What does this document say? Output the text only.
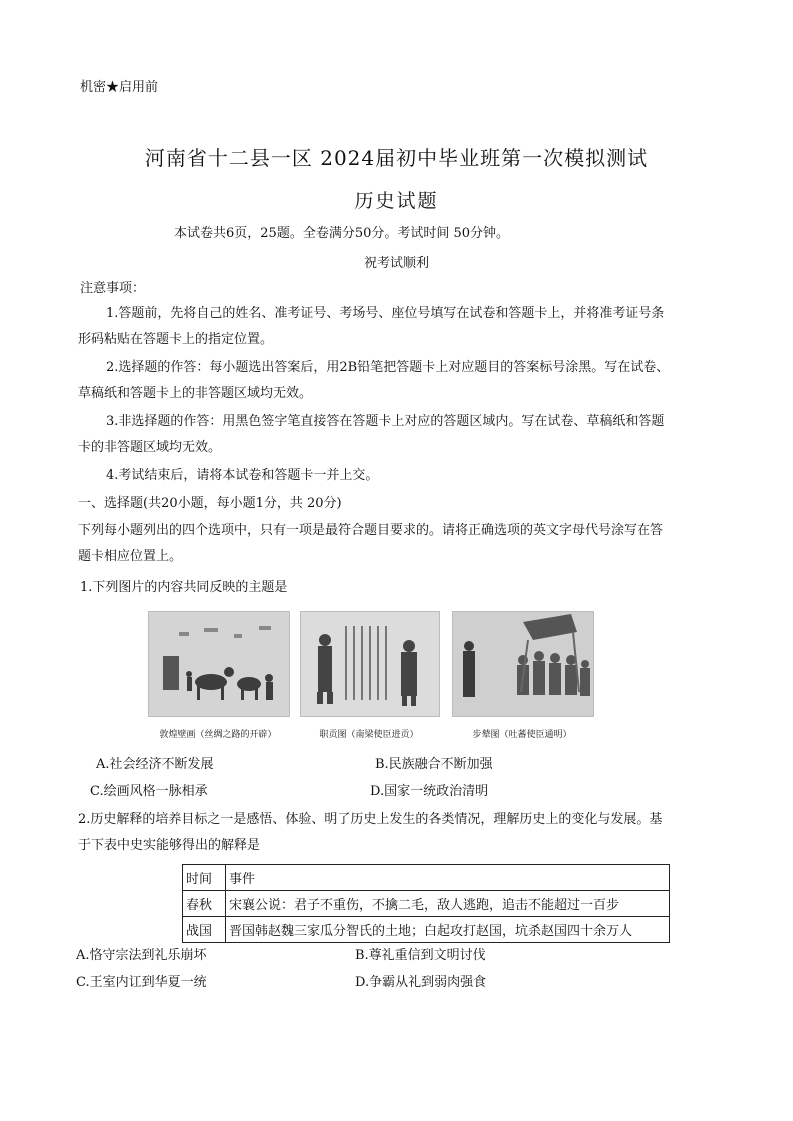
机密★启用前
河南省十二县一区 2024届初中毕业班第一次模拟测试
历史试题
本试卷共6页，25题。全卷满分50分。考试时间 50分钟。
祝考试顺利
注意事项：
1.答题前，先将自己的姓名、准考证号、考场号、座位号填写在试卷和答题卡上，并将准考证号条
形码粘贴在答题卡上的指定位置。
2.选择题的作答：每小题选出答案后，用2B铅笔把答题卡上对应题目的答案标号涂黑。写在试卷、
草稿纸和答题卡上的非答题区域均无效。
3.非选择题的作答：用黑色签字笔直接答在答题卡上对应的答题区域内。写在试卷、草稿纸和答题
卡的非答题区域均无效。
4.考试结束后，请将本试卷和答题卡一并上交。
一、选择题(共20小题，每小题1分，共 20分)
下列每小题列出的四个选项中，只有一项是最符合题目要求的。请将正确选项的英文字母代号涂写在答
题卡相应位置上。
1.下列图片的内容共同反映的主题是
敦煌壁画（丝绸之路的开辟）	职贡图（南梁使臣进贡）	步辇图（吐蕃使臣通明）
A.社会经济不断发展	B.民族融合不断加强
C.绘画风格一脉相承	D.国家一统政治清明
2.历史解释的培养目标之一是感悟、体验、明了历史上发生的各类情况，理解历史上的变化与发展。基
于下表中史实能够得出的解释是
时间	事件
春秋	宋襄公说：君子不重伤，不擒二毛，敌人逃跑，追击不能超过一百步
战国	晋国韩赵魏三家瓜分智氏的土地；白起攻打赵国，坑杀赵国四十余万人
A.恪守宗法到礼乐崩坏	B.尊礼重信到文明讨伐
C.王室内讧到华夏一统	D.争霸从礼到弱肉强食
